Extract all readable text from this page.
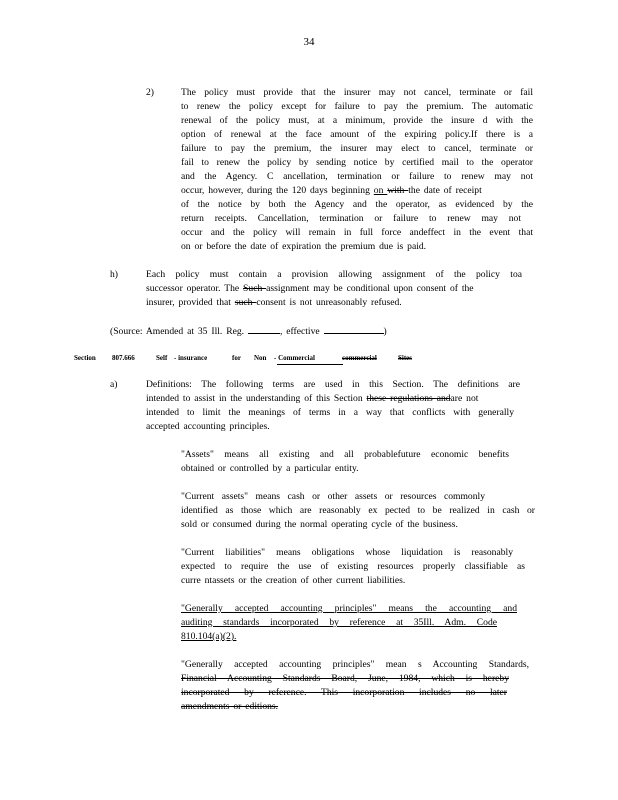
34
2)	The policy must provide that the insurer may not cancel, terminate or fail
to renew the policy except for failure to pay the premium. The automatic
renewal of the policy must, at a minimum, provide the insure d with the
option of renewal at the face amount of the expiring policy.If there is a
failure to pay the premium, the insurer may elect to cancel, terminate or
fail to renew the policy by sending notice by certified mail to the operator
and the Agency. C ancellation, termination or failure to renew may not
occur, however, during the 120 days beginning on with the date of receipt
of the notice by both the Agency and the operator, as evidenced by the
return receipts. Cancellation, termination or failure to renew may not
occur and the policy will remain in full force andeffect in the event that
on or before the date of expiration the premium due is paid.
h)	Each policy must contain a provision allowing assignment of the policy toa
successor operator. The Such assignment may be conditional upon consent of the
insurer, provided that such consent is not unreasonably refused.
(Source: Amended at 35 Ill. Reg.	, effective	)
Section 807.666	Self - insurance	for Non - Commercial	commercial	Sites
a)	Definitions: The following terms are used in this Section. The definitions are
intended to assist in the understanding of this Section these regulations andare not
intended to limit the meanings of terms in a way that conflicts with generally
accepted accounting principles.
"Assets" means all existing and all probablefuture economic benefits
obtained or controlled by a particular entity.
"Current assets" means cash or other assets or resources commonly
identified as those which are reasonably ex pected to be realized in cash or
sold or consumed during the normal operating cycle of the business.
"Current liabilities" means obligations whose liquidation is reasonably
expected to require the use of existing resources properly classifiable as
curre ntassets or the creation of other current liabilities.
"Generally accepted accounting principles" means the accounting and
auditing standards incorporated by reference at 35Ill. Adm. Code
810.104(a)(2).
"Generally accepted accounting principles" mean s Accounting Standards,
Financial Accounting Standards Board, June, 1984, which is hereby
incorporated by reference. This incorporation includes no later
amendments or editions.
